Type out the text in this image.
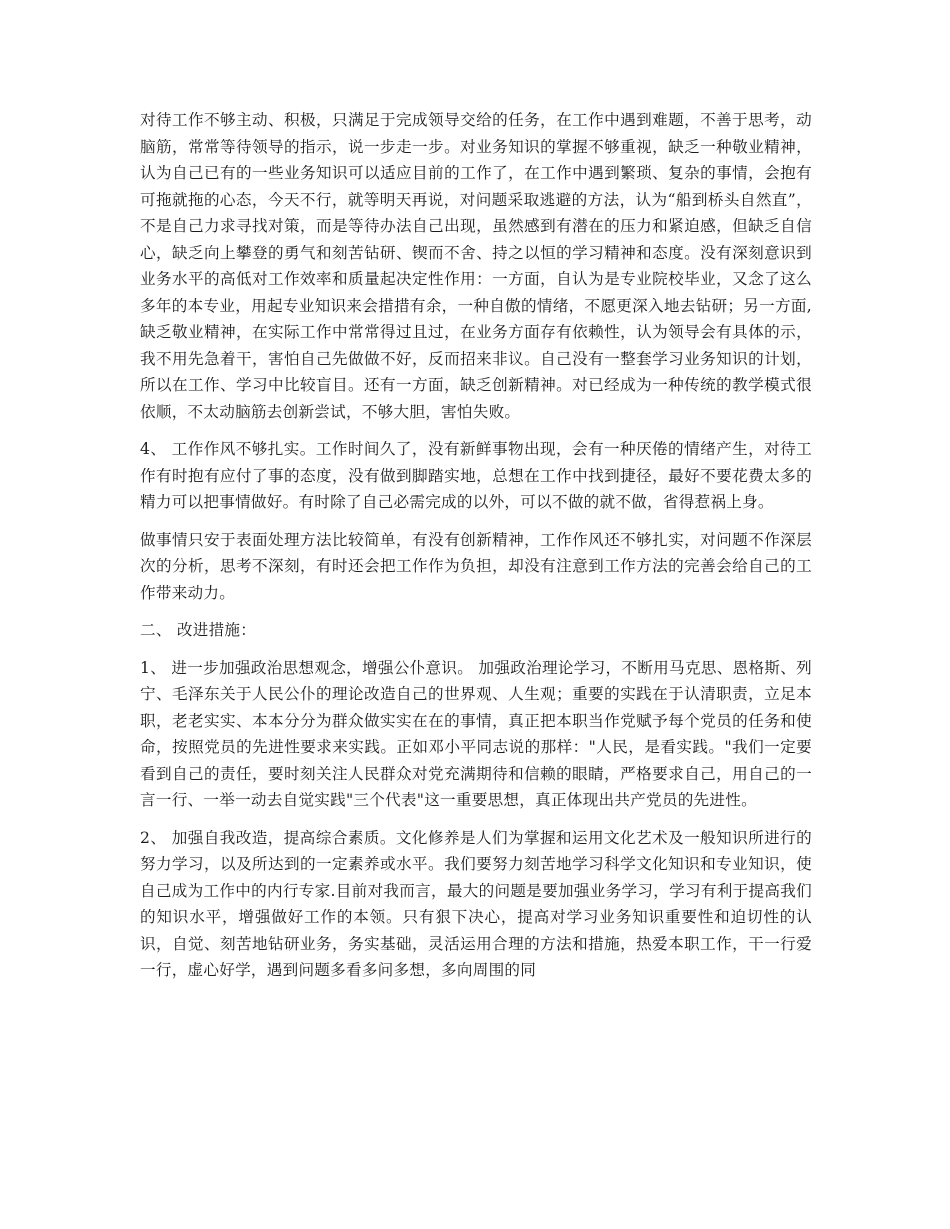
对待工作不够主动、积极，只满足于完成领导交给的任务，在工作中遇到难题，不善于思考，动脑筋，常常等待领导的指示，说一步走一步。对业务知识的掌握不够重视，缺乏一种敬业精神，认为自己已有的一些业务知识可以适应目前的工作了，在工作中遇到繁琐、复杂的事情，会抱有可拖就拖的心态，今天不行，就等明天再说，对问题采取逃避的方法，认为“船到桥头自然直”，不是自己力求寻找对策，而是等待办法自己出现，虽然感到有潜在的压力和紧迫感，但缺乏自信心，缺乏向上攀登的勇气和刻苦钻研、锲而不舍、持之以恒的学习精神和态度。没有深刻意识到业务水平的高低对工作效率和质量起决定性作用：一方面，自认为是专业院校毕业，又念了这么多年的本专业，用起专业知识来会措措有余，一种自傲的情绪，不愿更深入地去钻研；另一方面,缺乏敬业精神，在实际工作中常常得过且过，在业务方面存有依赖性，认为领导会有具体的示，我不用先急着干，害怕自己先做做不好，反而招来非议。自己没有一整套学习业务知识的计划，所以在工作、学习中比较盲目。还有一方面，缺乏创新精神。对已经成为一种传统的教学模式很依顺，不太动脑筋去创新尝试，不够大胆，害怕失败。

4、 工作作风不够扎实。工作时间久了，没有新鲜事物出现，会有一种厌倦的情绪产生，对待工作有时抱有应付了事的态度，没有做到脚踏实地，总想在工作中找到捷径，最好不要花费太多的精力可以把事情做好。有时除了自己必需完成的以外，可以不做的就不做，省得惹祸上身。

做事情只安于表面处理方法比较简单，有没有创新精神，工作作风还不够扎实，对问题不作深层次的分析，思考不深刻，有时还会把工作作为负担，却没有注意到工作方法的完善会给自己的工作带来动力。

二、 改进措施：

1、 进一步加强政治思想观念，增强公仆意识。 加强政治理论学习，不断用马克思、恩格斯、列宁、毛泽东关于人民公仆的理论改造自己的世界观、人生观；重要的实践在于认清职责，立足本职，老老实实、本本分分为群众做实实在在的事情，真正把本职当作党赋予每个党员的任务和使命，按照党员的先进性要求来实践。正如邓小平同志说的那样："人民，是看实践。"我们一定要看到自己的责任，要时刻关注人民群众对党充满期待和信赖的眼睛，严格要求自己，用自己的一言一行、一举一动去自觉实践"三个代表"这一重要思想，真正体现出共产党员的先进性。

2、 加强自我改造，提高综合素质。文化修养是人们为掌握和运用文化艺术及一般知识所进行的努力学习，以及所达到的一定素养或水平。我们要努力刻苦地学习科学文化知识和专业知识，使自己成为工作中的内行专家.目前对我而言，最大的问题是要加强业务学习，学习有利于提高我们的知识水平，增强做好工作的本领。只有狠下决心，提高对学习业务知识重要性和迫切性的认识，自觉、刻苦地钻研业务，务实基础，灵活运用合理的方法和措施，热爱本职工作，干一行爱一行，虚心好学，遇到问题多看多问多想，多向周围的同
